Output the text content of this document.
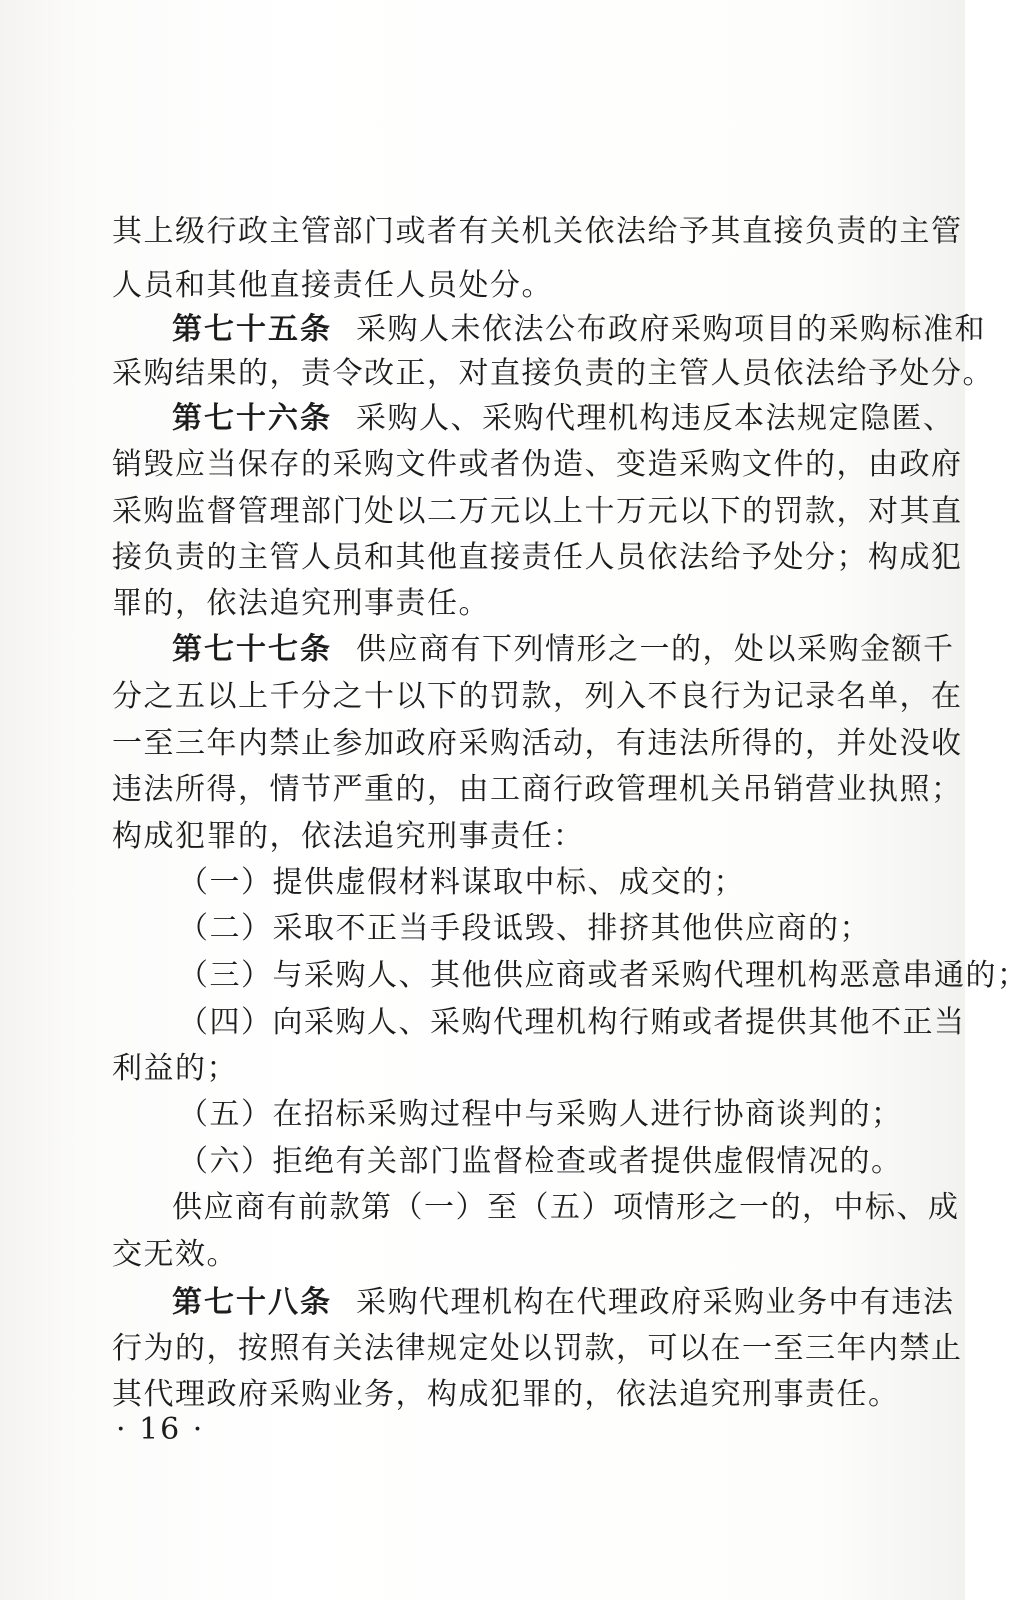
其上级行政主管部门或者有关机关依法给予其直接负责的主管
人员和其他直接责任人员处分。
第七十五条 采购人未依法公布政府采购项目的采购标准和
采购结果的，责令改正，对直接负责的主管人员依法给予处分。
第七十六条 采购人、采购代理机构违反本法规定隐匿、
销毁应当保存的采购文件或者伪造、变造采购文件的，由政府
采购监督管理部门处以二万元以上十万元以下的罚款，对其直
接负责的主管人员和其他直接责任人员依法给予处分；构成犯
罪的，依法追究刑事责任。
第七十七条 供应商有下列情形之一的，处以采购金额千
分之五以上千分之十以下的罚款，列入不良行为记录名单，在
一至三年内禁止参加政府采购活动，有违法所得的，并处没收
违法所得，情节严重的，由工商行政管理机关吊销营业执照；
构成犯罪的，依法追究刑事责任：
（一）提供虚假材料谋取中标、成交的；
（二）采取不正当手段诋毁、排挤其他供应商的；
（三）与采购人、其他供应商或者采购代理机构恶意串通的；
（四）向采购人、采购代理机构行贿或者提供其他不正当
利益的；
（五）在招标采购过程中与采购人进行协商谈判的；
（六）拒绝有关部门监督检查或者提供虚假情况的。
供应商有前款第（一）至（五）项情形之一的，中标、成
交无效。
第七十八条 采购代理机构在代理政府采购业务中有违法
行为的，按照有关法律规定处以罚款，可以在一至三年内禁止
其代理政府采购业务，构成犯罪的，依法追究刑事责任。
· 16 ·
